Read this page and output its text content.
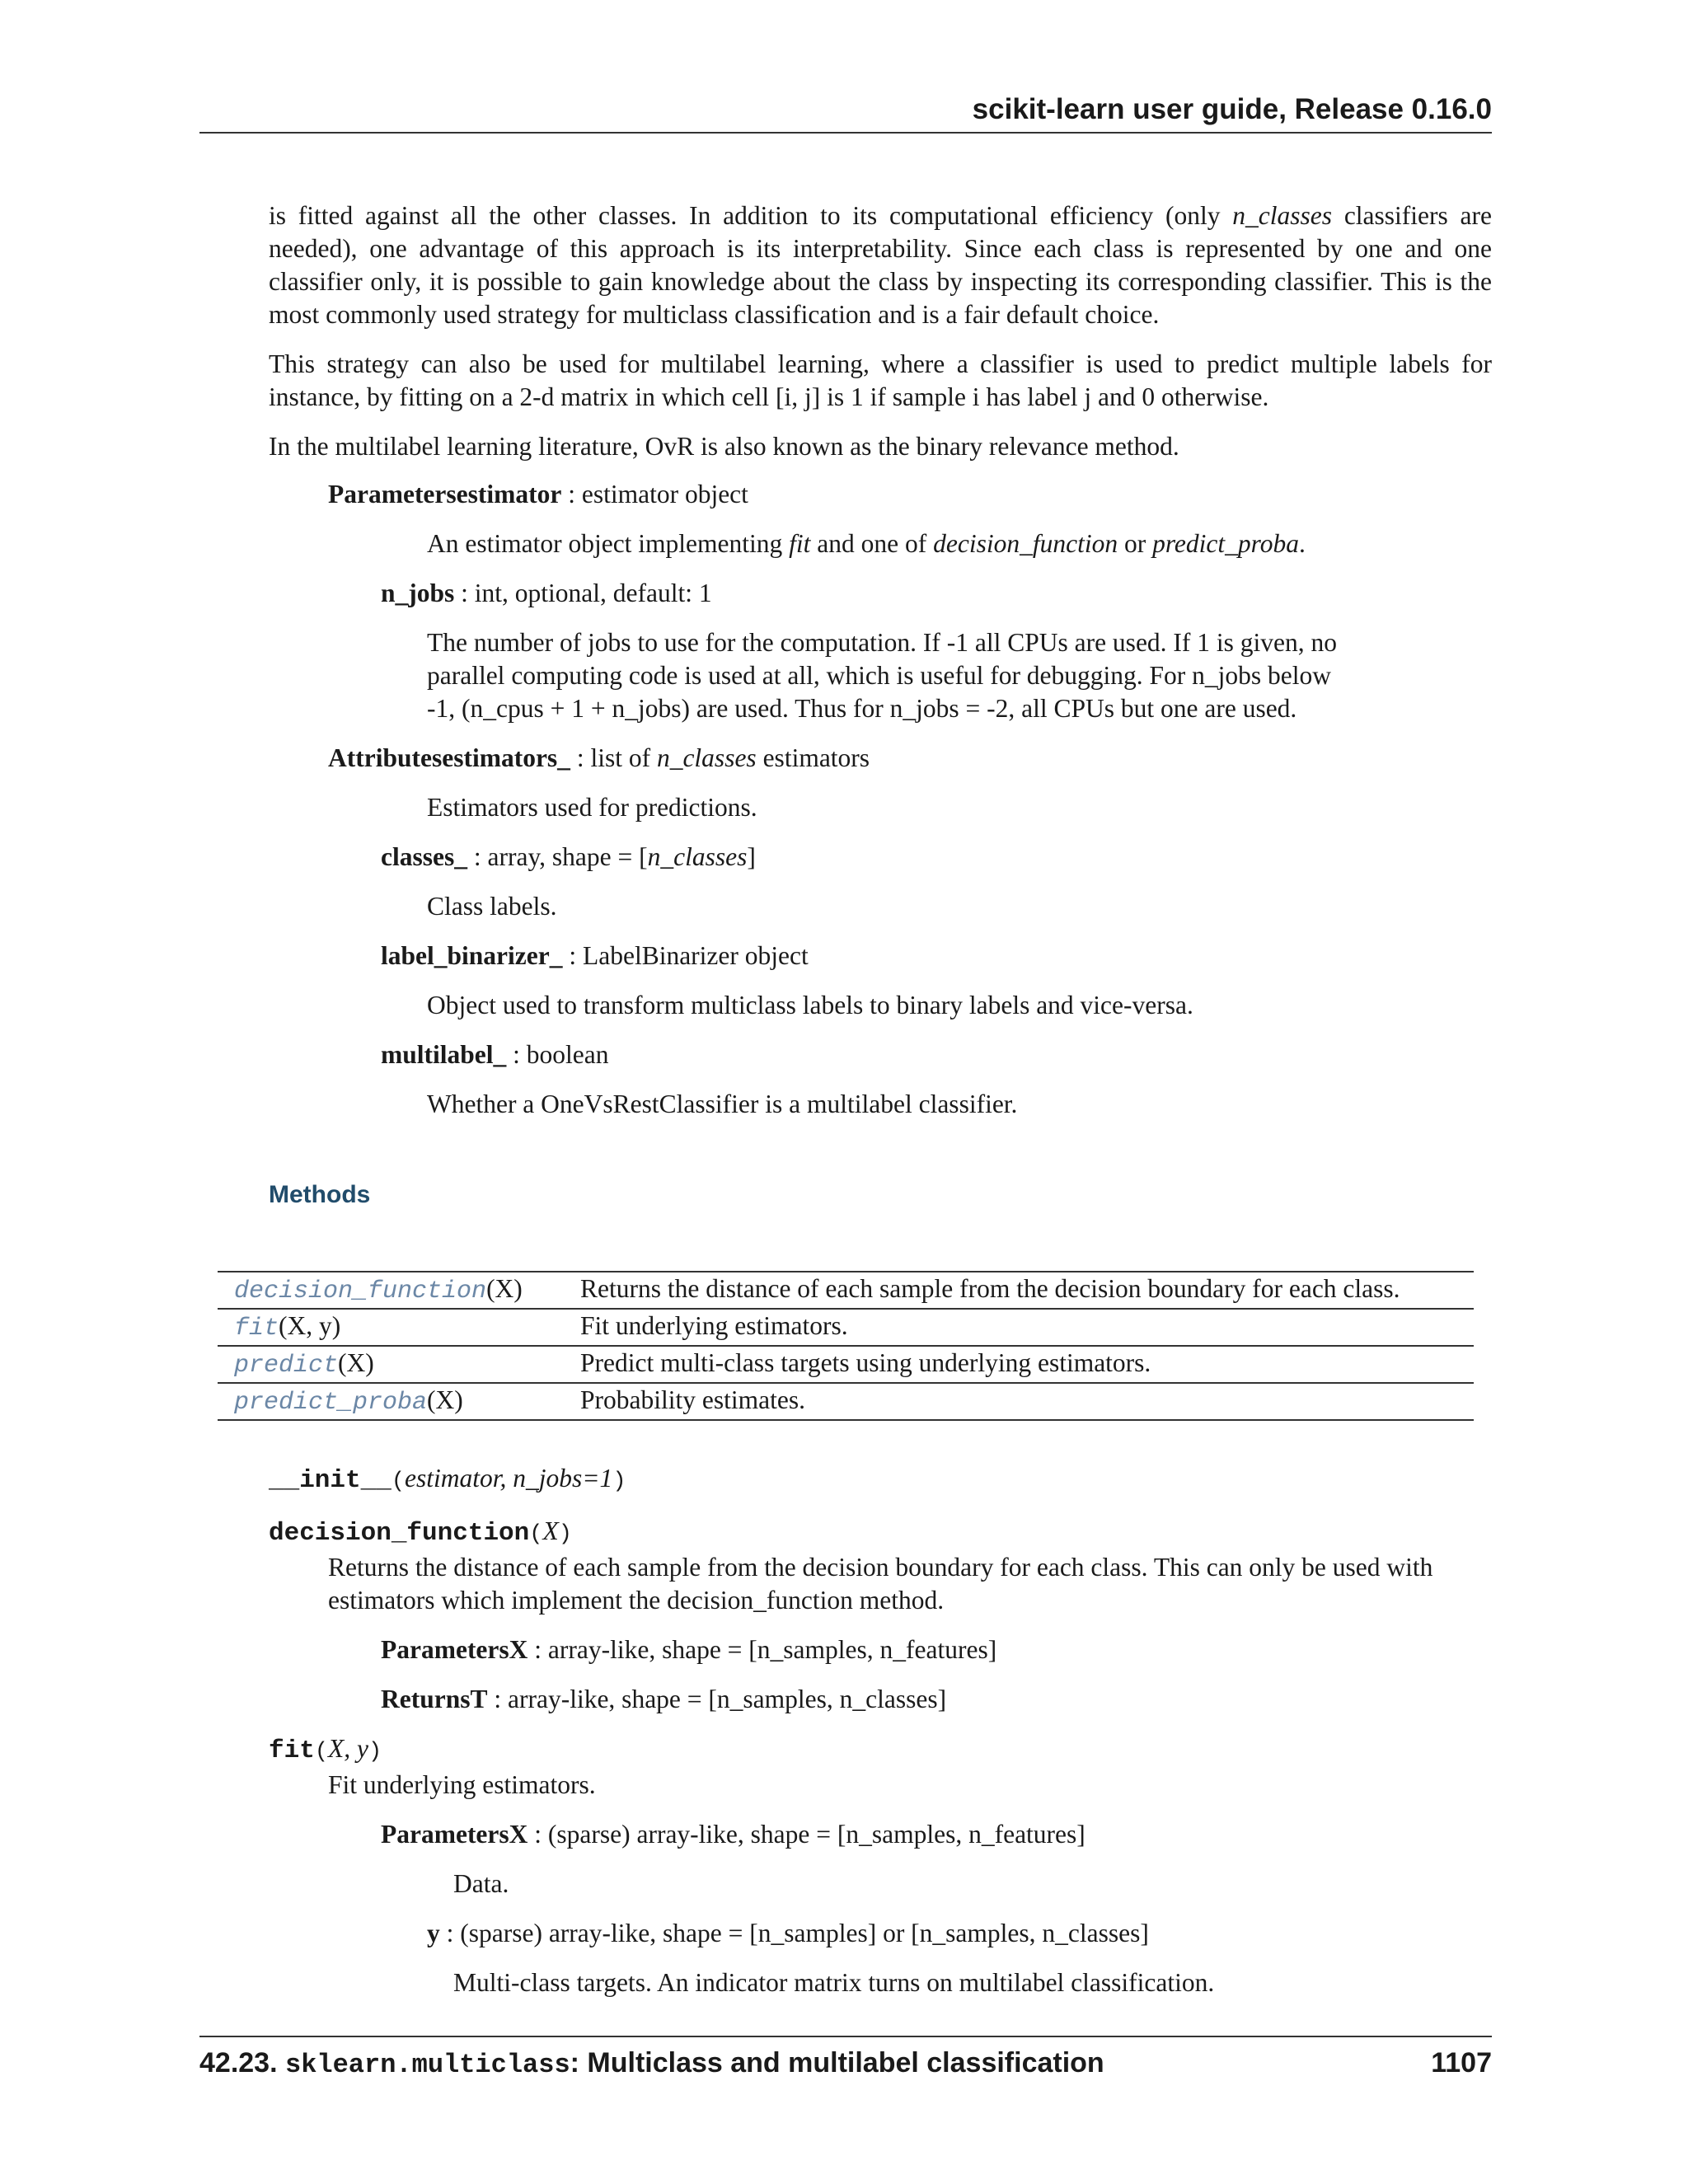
scikit-learn user guide, Release 0.16.0

is fitted against all the other classes. In addition to its computational efficiency (only n_classes classifiers are needed), one advantage of this approach is its interpretability. Since each class is represented by one and one classifier only, it is possible to gain knowledge about the class by inspecting its corresponding classifier. This is the most commonly used strategy for multiclass classification and is a fair default choice.

This strategy can also be used for multilabel learning, where a classifier is used to predict multiple labels for instance, by fitting on a 2-d matrix in which cell [i, j] is 1 if sample i has label j and 0 otherwise.

In the multilabel learning literature, OvR is also known as the binary relevance method.

Parametersestimator : estimator object
An estimator object implementing fit and one of decision_function or predict_proba.
n_jobs : int, optional, default: 1
The number of jobs to use for the computation. If -1 all CPUs are used. If 1 is given, no
parallel computing code is used at all, which is useful for debugging. For n_jobs below
-1, (n_cpus + 1 + n_jobs) are used. Thus for n_jobs = -2, all CPUs but one are used.
Attributesestimators_ : list of n_classes estimators
Estimators used for predictions.
classes_ : array, shape = [n_classes]
Class labels.
label_binarizer_ : LabelBinarizer object
Object used to transform multiclass labels to binary labels and vice-versa.
multilabel_ : boolean
Whether a OneVsRestClassifier is a multilabel classifier.
Methods
decision_function(X)	Returns the distance of each sample from the decision boundary for each class.
fit(X, y)	Fit underlying estimators.
predict(X)	Predict multi-class targets using underlying estimators.
predict_proba(X)	Probability estimates.
__init__(estimator, n_jobs=1)
decision_function(X)
Returns the distance of each sample from the decision boundary for each class. This can only be used with
estimators which implement the decision_function method.
ParametersX : array-like, shape = [n_samples, n_features]
ReturnsT : array-like, shape = [n_samples, n_classes]
fit(X, y)
Fit underlying estimators.
ParametersX : (sparse) array-like, shape = [n_samples, n_features]
Data.
y : (sparse) array-like, shape = [n_samples] or [n_samples, n_classes]
Multi-class targets. An indicator matrix turns on multilabel classification.
42.23. sklearn.multiclass: Multiclass and multilabel classification	1107
